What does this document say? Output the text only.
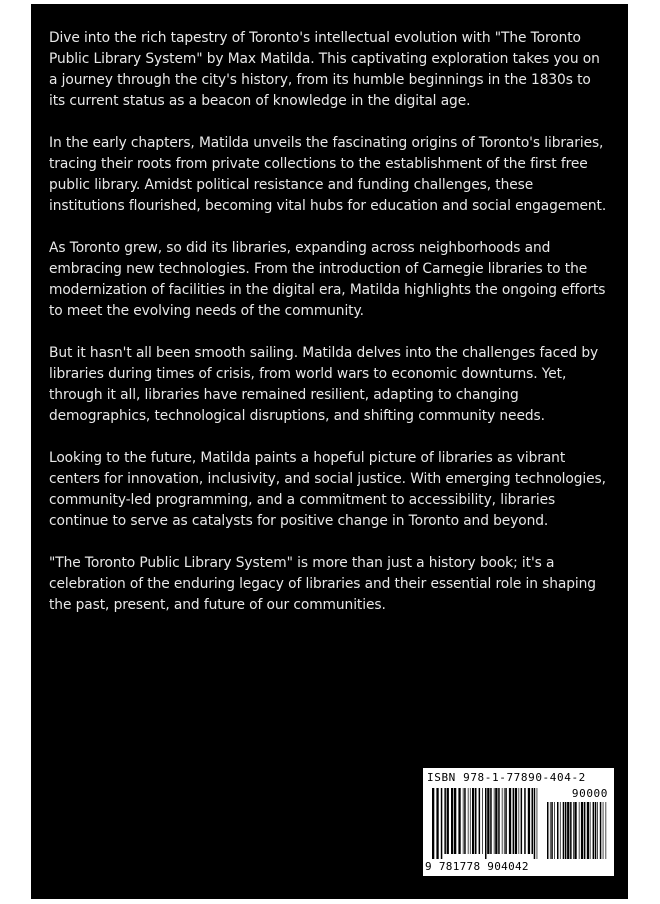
Dive into the rich tapestry of Toronto's intellectual evolution with "The Toronto Public Library System" by Max Matilda. This captivating exploration takes you on a journey through the city's history, from its humble beginnings in the 1830s to its current status as a beacon of knowledge in the digital age.

In the early chapters, Matilda unveils the fascinating origins of Toronto's libraries, tracing their roots from private collections to the establishment of the first free public library. Amidst political resistance and funding challenges, these institutions flourished, becoming vital hubs for education and social engagement.

As Toronto grew, so did its libraries, expanding across neighborhoods and embracing new technologies. From the introduction of Carnegie libraries to the modernization of facilities in the digital era, Matilda highlights the ongoing efforts to meet the evolving needs of the community.

But it hasn't all been smooth sailing. Matilda delves into the challenges faced by libraries during times of crisis, from world wars to economic downturns. Yet, through it all, libraries have remained resilient, adapting to changing demographics, technological disruptions, and shifting community needs.

Looking to the future, Matilda paints a hopeful picture of libraries as vibrant centers for innovation, inclusivity, and social justice. With emerging technologies, community-led programming, and a commitment to accessibility, libraries continue to serve as catalysts for positive change in Toronto and beyond.

"The Toronto Public Library System" is more than just a history book; it's a celebration of the enduring legacy of libraries and their essential role in shaping the past, present, and future of our communities.

ISBN 978-1-77890-404-2
90000
9 781778 904042
